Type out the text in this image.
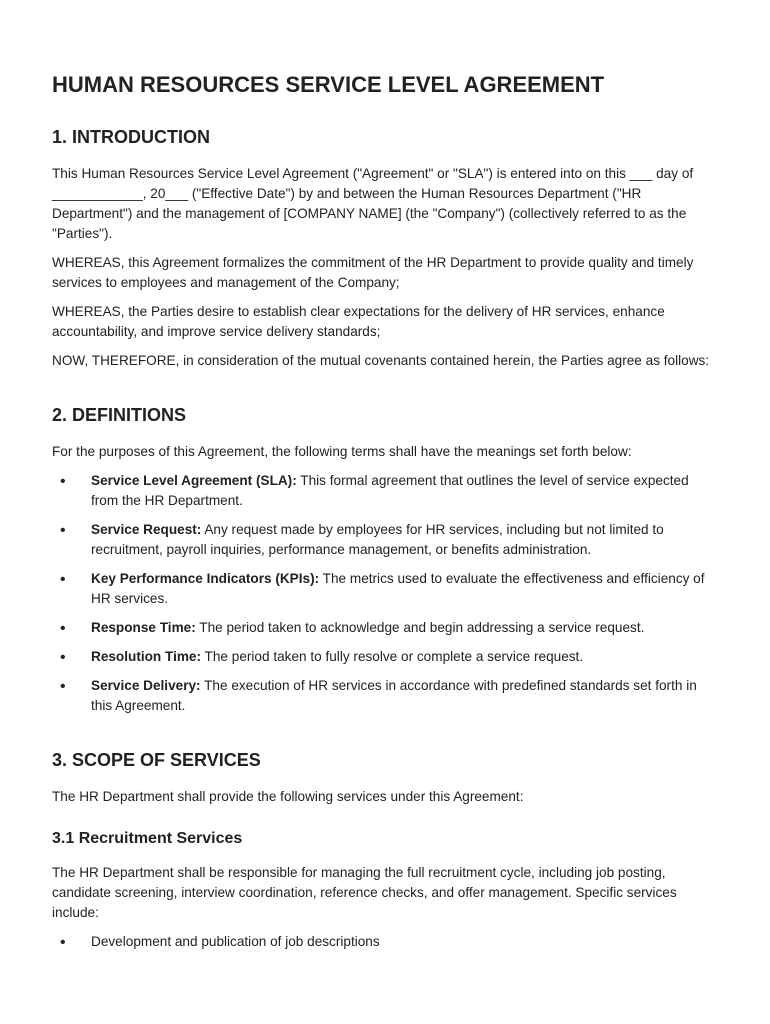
HUMAN RESOURCES SERVICE LEVEL AGREEMENT
1. INTRODUCTION

This Human Resources Service Level Agreement ("Agreement" or "SLA") is entered into on this ___ day of ____________, 20___ ("Effective Date") by and between the Human Resources Department ("HR Department") and the management of [COMPANY NAME] (the "Company") (collectively referred to as the "Parties").

WHEREAS, this Agreement formalizes the commitment of the HR Department to provide quality and timely services to employees and management of the Company;

WHEREAS, the Parties desire to establish clear expectations for the delivery of HR services, enhance accountability, and improve service delivery standards;

NOW, THEREFORE, in consideration of the mutual covenants contained herein, the Parties agree as follows:

2. DEFINITIONS

For the purposes of this Agreement, the following terms shall have the meanings set forth below:

• Service Level Agreement (SLA): This formal agreement that outlines the level of service expected from the HR Department.
• Service Request: Any request made by employees for HR services, including but not limited to recruitment, payroll inquiries, performance management, or benefits administration.
• Key Performance Indicators (KPIs): The metrics used to evaluate the effectiveness and efficiency of HR services.
• Response Time: The period taken to acknowledge and begin addressing a service request.
• Resolution Time: The period taken to fully resolve or complete a service request.
• Service Delivery: The execution of HR services in accordance with predefined standards set forth in this Agreement.
3. SCOPE OF SERVICES

The HR Department shall provide the following services under this Agreement:

3.1 Recruitment Services

The HR Department shall be responsible for managing the full recruitment cycle, including job posting, candidate screening, interview coordination, reference checks, and offer management. Specific services include:

• Development and publication of job descriptions
